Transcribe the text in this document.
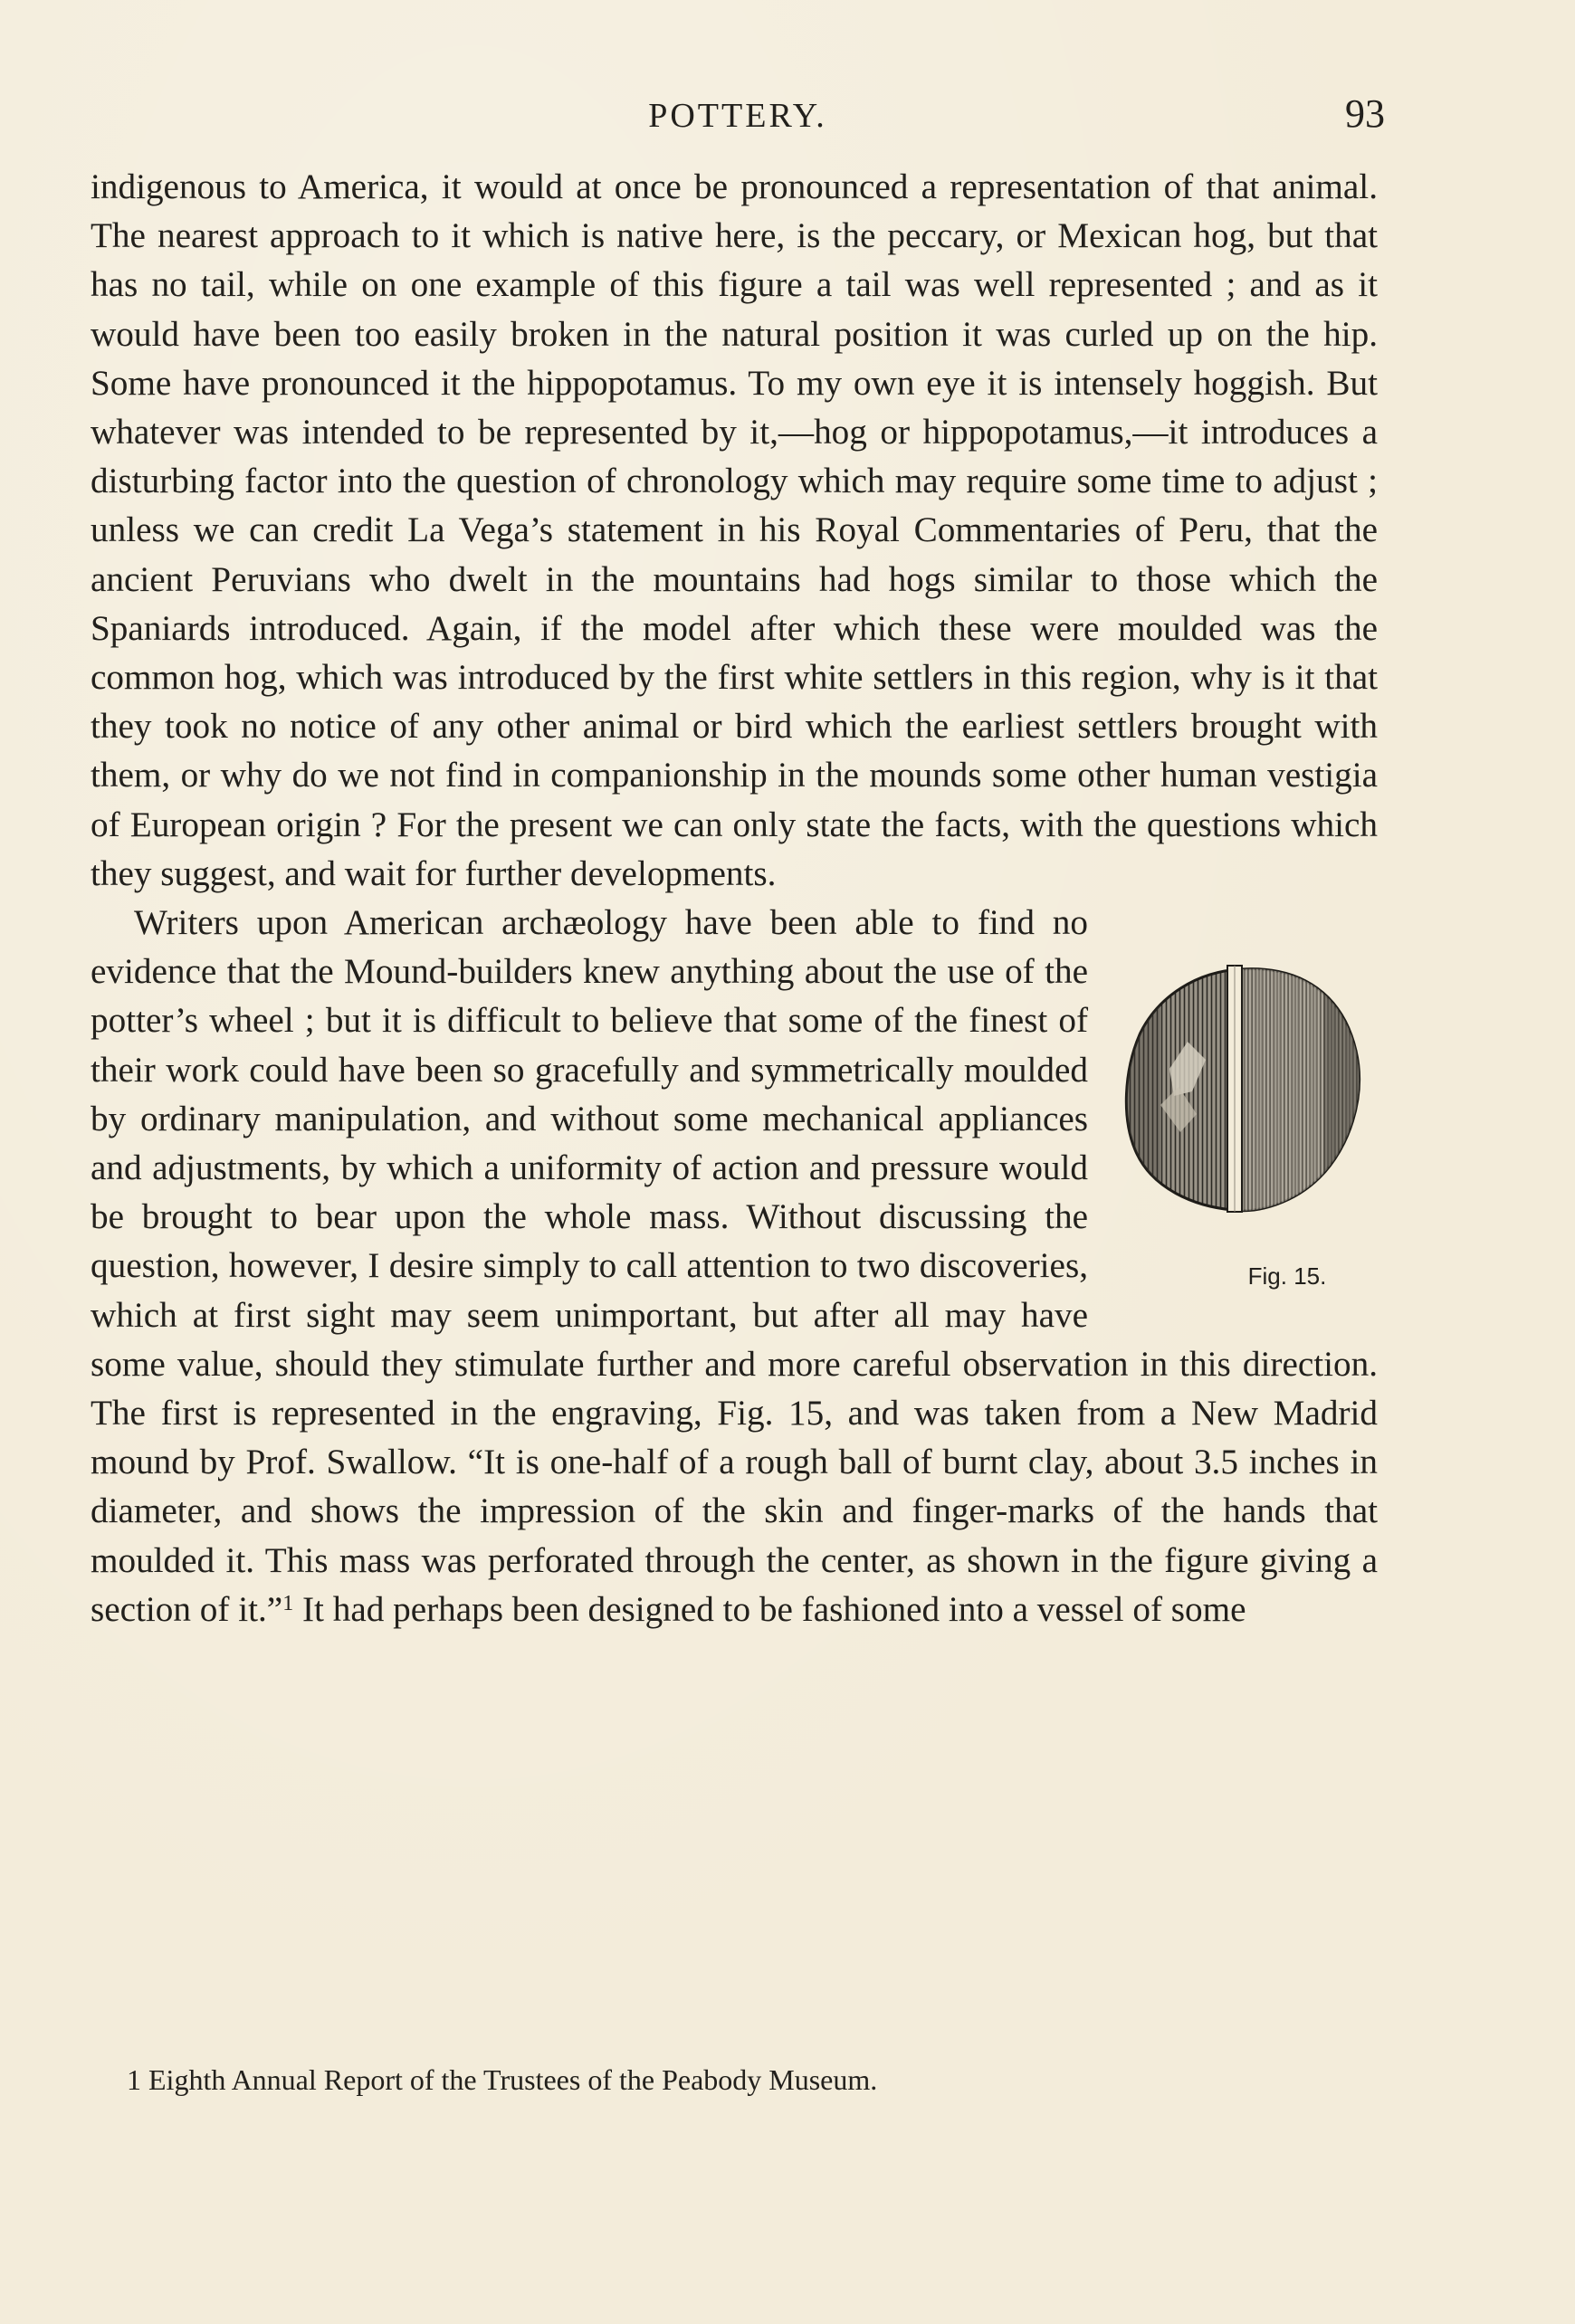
POTTERY.	93

indigenous to America, it would at once be pronounced a representation of that animal. The nearest approach to it which is native here, is the peccary, or Mexican hog, but that has no tail, while on one example of this figure a tail was well represented ; and as it would have been too easily broken in the natural position it was curled up on the hip. Some have pronounced it the hippopotamus. To my own eye it is intensely hoggish. But whatever was intended to be represented by it,—hog or hippopotamus,—it introduces a disturbing factor into the question of chronology which may require some time to adjust ; unless we can credit La Vega’s statement in his Royal Commentaries of Peru, that the ancient Peruvians who dwelt in the mountains had hogs similar to those which the Spaniards introduced. Again, if the model after which these were moulded was the common hog, which was introduced by the first white settlers in this region, why is it that they took no notice of any other animal or bird which the earliest settlers brought with them, or why do we not find in companionship in the mounds some other human vestigia of European origin ? For the present we can only state the facts, with the questions which they suggest, and wait for further developments.

Fig. 15.

Writers upon American archæology have been able to find no evidence that the Mound-builders knew anything about the use of the potter’s wheel ; but it is difficult to believe that some of the finest of their work could have been so gracefully and symmetrically moulded by ordinary manipulation, and without some mechanical appliances and adjustments, by which a uniformity of action and pressure would be brought to bear upon the whole mass. Without discussing the question, however, I desire simply to call attention to two discoveries, which at first sight may seem unimportant, but after all may have some value, should they stimulate further and more careful observation in this direction. The first is represented in the engraving, Fig. 15, and was taken from a New Madrid mound by Prof. Swallow. “It is one-half of a rough ball of burnt clay, about 3.5 inches in diameter, and shows the impression of the skin and finger-marks of the hands that moulded it. This mass was perforated through the center, as shown in the figure giving a section of it.”$^1$ It had perhaps been designed to be fashioned into a vessel of some

1 Eighth Annual Report of the Trustees of the Peabody Museum.
